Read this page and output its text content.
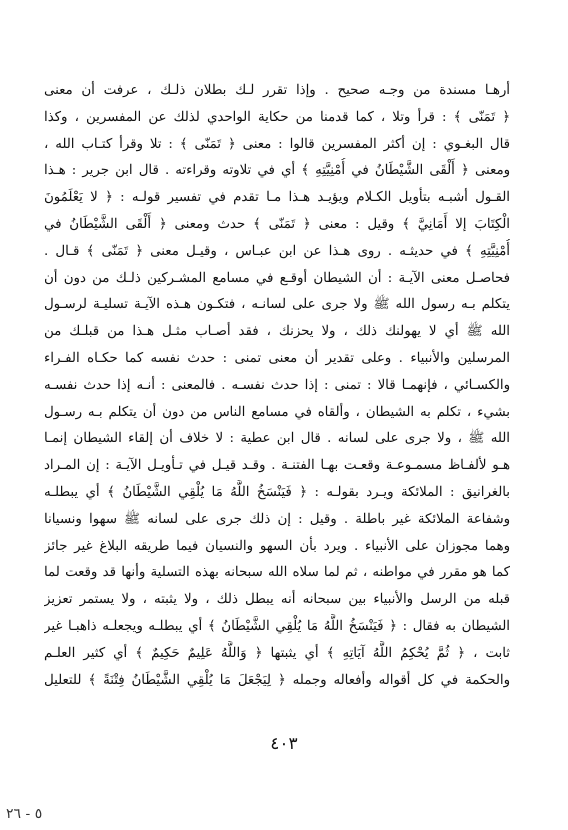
أرهـا مسندة من وجـه صحيح . وإذا تقرر لـك بطلان ذلـك ، عرفت أن معنى
﴿ تَمَنّى ﴾ : قرأ وتلا ، كما قدمنا من حكاية الواحدي لذلك عن المفسرين ، وكذا
قال البغـوي : إن أكثر المفسرين قالوا : معنى ﴿ تَمَنّى ﴾ : تلا وقرأ كتـاب الله ،
ومعنى ﴿ أَلْقَى الشَّيْطَانُ في أُمْنِيَّتِهِ ﴾ أي في تلاوته وقراءته . قال ابن جرير : هـذا
القـول أشبـه بتأويل الكـلام ويؤيـد هـذا مـا تقدم في تفسير قولـه : ﴿ لا يَعْلَمُونَ
الْكِتَابَ إلا أَمَانِيَّ ﴾ وقيل : معنى ﴿ تَمَنّى ﴾ حدث ومعنى ﴿ أَلْقَى الشَّيْطَانُ في
أُمْنِيَّتِهِ ﴾ في حديثـه . روى هـذا عن ابن عبـاس ، وقيـل معنى ﴿ تَمَنّى ﴾ قـال .
فحاصـل معنى الآيـة : أن الشيطان أوقـع في مسامع المشـركين ذلـك من دون أن
يتكلم بـه رسول الله ﷺ ولا جرى على لسانـه ، فتكـون هـذه الآيـة تسليـة لرسـول
الله ﷺ أي لا يهولنك ذلك ، ولا يحزنك ، فقد أصـاب مثـل هـذا من قبلـك من
المرسلين والأنبياء . وعلى تقدير أن معنى تمنى : حدث نفسه كما حكـاه الفـراء
والكسـائي ، فإنهمـا قالا : تمنى : إذا حدث نفسـه . فالمعنى : أنـه إذا حدث نفسـه
بشيء ، تكلم به الشيطان ، وألقاه في مسامع الناس من دون أن يتكلم بـه رسـول
الله ﷺ ، ولا جرى على لسانه . قال ابن عطية : لا خلاف أن إلقاء الشيطان إنمـا
هـو لألفـاظ مسمـوعـة وقعـت بهـا الفتنـة . وقـد قيـل في تـأويـل الآيـة : إن المـراد
بالغرانيق : الملائكة ويـرد بقولـه : ﴿ فَيَنْسَخُ اللَّهُ مَا يُلْقِي الشَّيْطَانُ ﴾ أي يبطلـه
وشفاعة الملائكة غير باطلة . وقيل : إن ذلك جرى على لسانه ﷺ سهوا ونسيانا
وهما مجوزان على الأنبياء . ويرد بأن السهو والنسيان فيما طريقه البلاغ غير جائز
كما هو مقرر في مواطنه ، ثم لما سلاه الله سبحانه بهذه التسلية وأنها قد وقعت لما
قبله من الرسل والأنبياء بين سبحانه أنه يبطل ذلك ، ولا يثبته ، ولا يستمر تعزيز
الشيطان به فقال : ﴿ فَيَنْسَخُ اللَّهُ مَا يُلْقِي الشَّيْطَانُ ﴾ أي يبطلـه ويجعلـه ذاهبـا غير
ثابت ، ﴿ ثُمَّ يُحْكِمُ اللَّهُ آيَاتِهِ ﴾ أي يثبتها ﴿ وَاللَّهُ عَلِيمٌ حَكِيمٌ ﴾ أي كثير العلـم
والحكمة في كل أقواله وأفعاله وجمله ﴿ لِيَجْعَلَ مَا يُلْقِي الشَّيْطَانُ فِتْنَةً ﴾ للتعليل
٤٠٣
٥ - ٢٦
